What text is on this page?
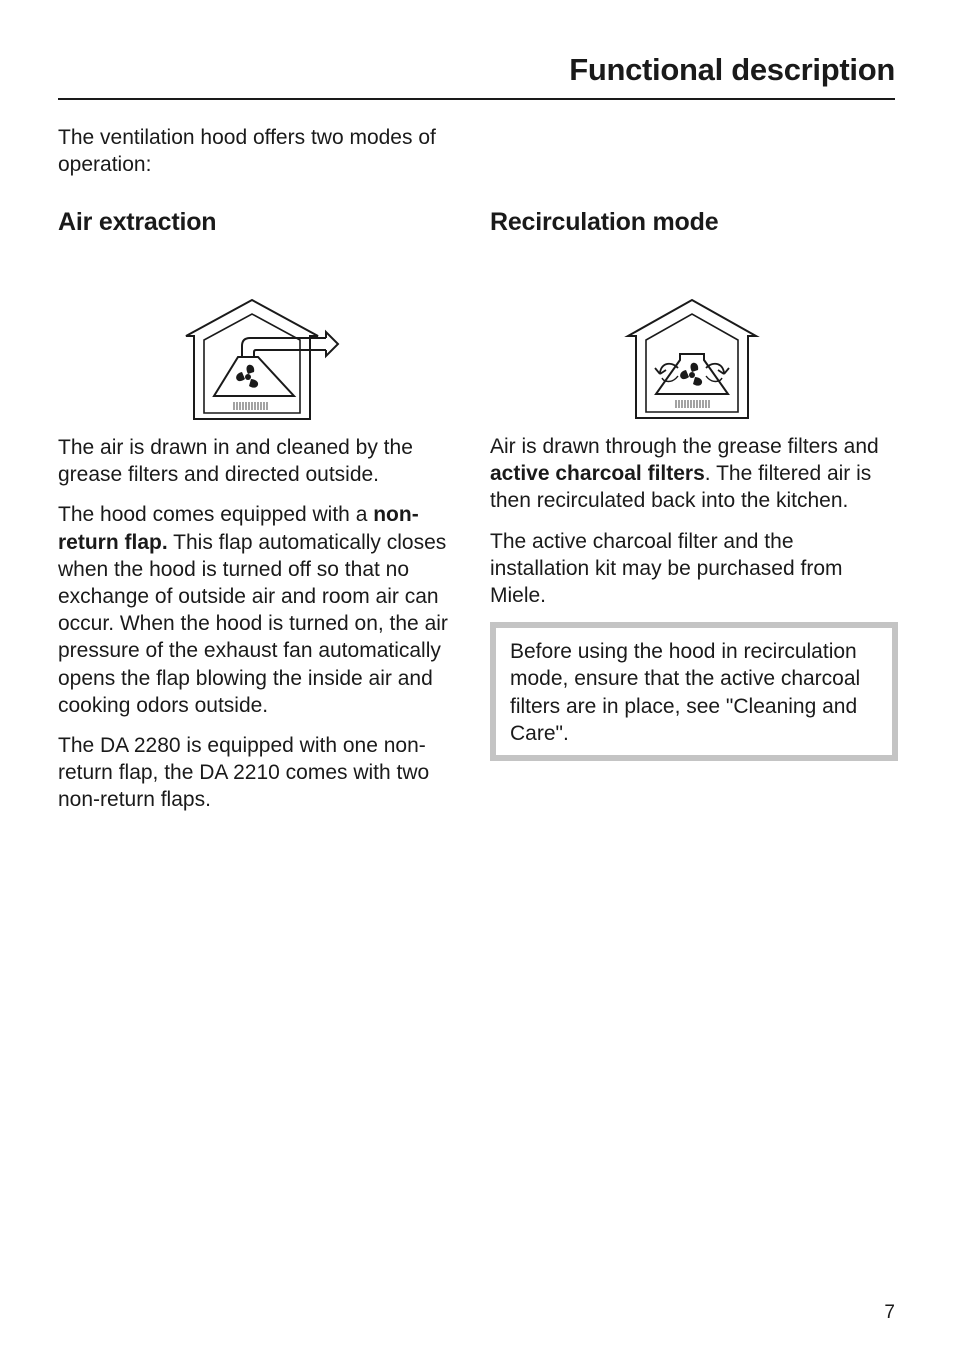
Functional description

The ventilation hood offers two modes of operation:

Air extraction

The air is drawn in and cleaned by the grease filters and directed outside.

The hood comes equipped with a non-return flap. This flap automatically closes when the hood is turned off so that no exchange of outside air and room air can occur. When the hood is turned on, the air pressure of the exhaust fan automatically opens the flap blowing the inside air and cooking odors outside.

The DA 2280 is equipped with one non-return flap, the DA 2210 comes with two non-return flaps.

Recirculation mode

Air is drawn through the grease filters and active charcoal filters. The filtered air is then recirculated back into the kitchen.

The active charcoal filter and the installation kit may be purchased from Miele.

Before using the hood in recirculation mode, ensure that the active charcoal filters are in place, see "Cleaning and Care".

7
